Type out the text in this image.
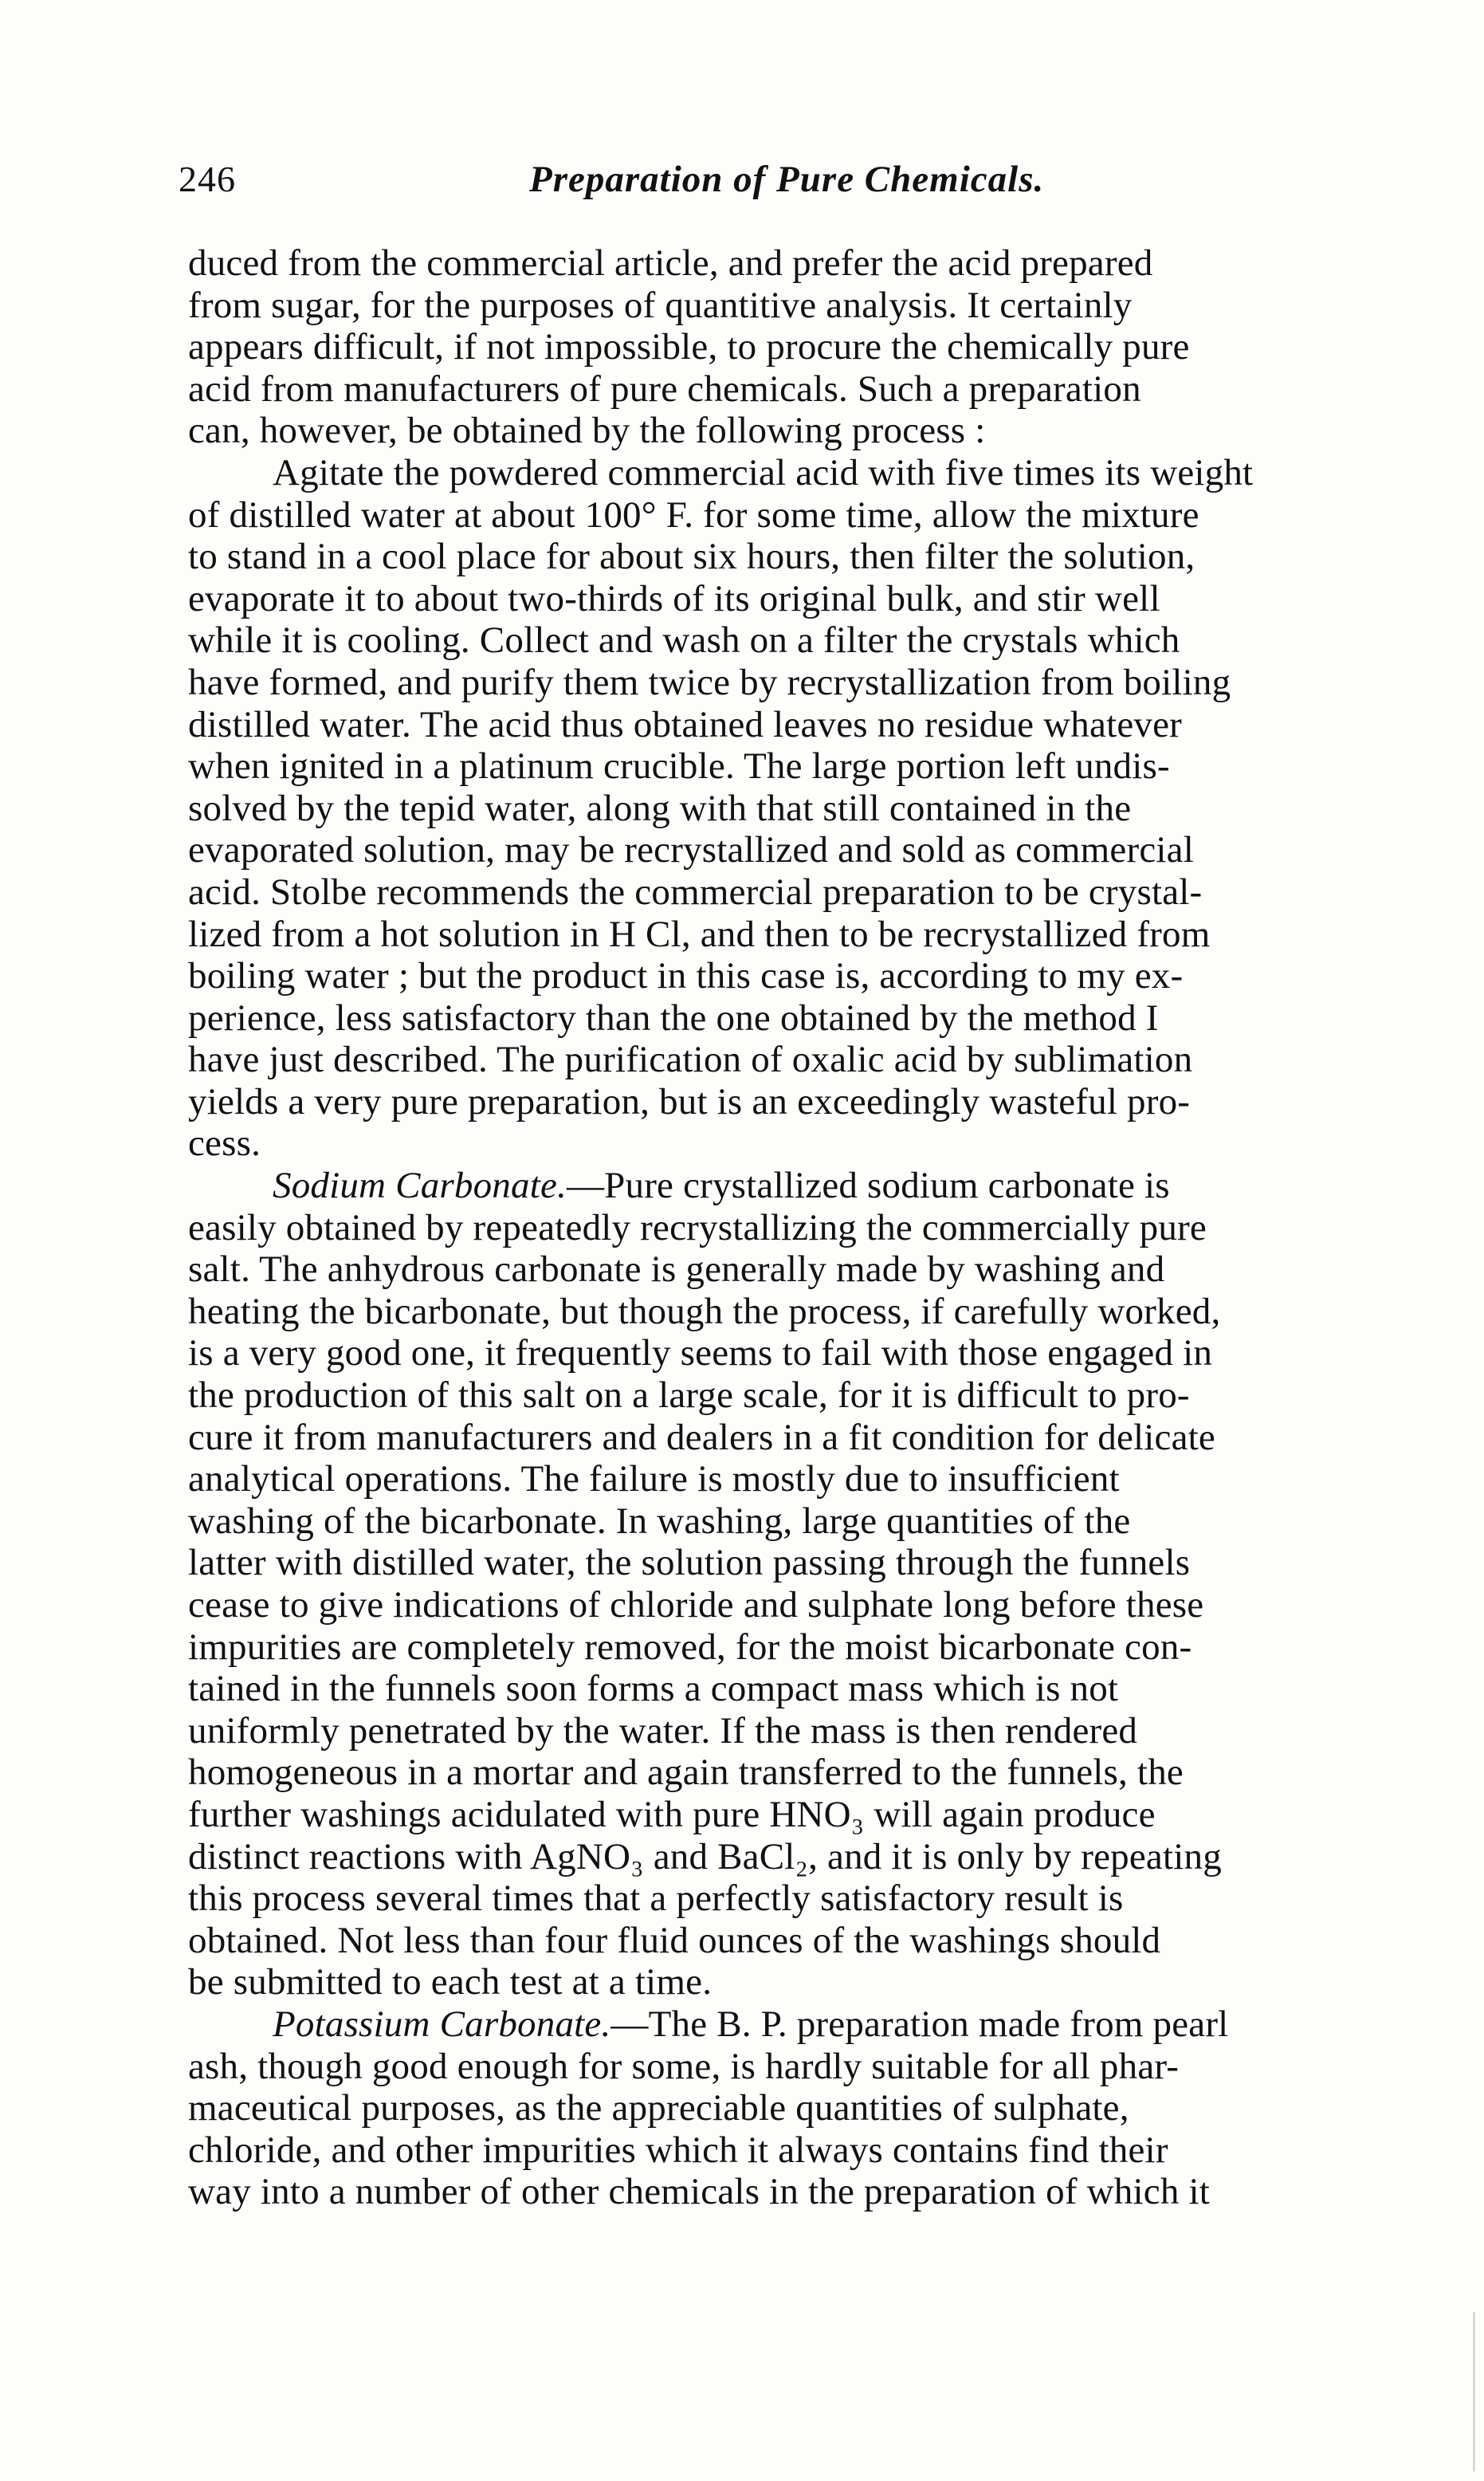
246	Preparation of Pure Chemicals.
duced from the commercial article, and prefer the acid prepared
from sugar, for the purposes of quantitive analysis. It certainly
appears difficult, if not impossible, to procure the chemically pure
acid from manufacturers of pure chemicals. Such a preparation
can, however, be obtained by the following process :
Agitate the powdered commercial acid with five times its weight
of distilled water at about 100° F. for some time, allow the mixture
to stand in a cool place for about six hours, then filter the solution,
evaporate it to about two-thirds of its original bulk, and stir well
while it is cooling. Collect and wash on a filter the crystals which
have formed, and purify them twice by recrystallization from boiling
distilled water. The acid thus obtained leaves no residue whatever
when ignited in a platinum crucible. The large portion left undis-
solved by the tepid water, along with that still contained in the
evaporated solution, may be recrystallized and sold as commercial
acid. Stolbe recommends the commercial preparation to be crystal-
lized from a hot solution in H Cl, and then to be recrystallized from
boiling water ; but the product in this case is, according to my ex-
perience, less satisfactory than the one obtained by the method I
have just described. The purification of oxalic acid by sublimation
yields a very pure preparation, but is an exceedingly wasteful pro-
cess.
Sodium Carbonate.—Pure crystallized sodium carbonate is
easily obtained by repeatedly recrystallizing the commercially pure
salt. The anhydrous carbonate is generally made by washing and
heating the bicarbonate, but though the process, if carefully worked,
is a very good one, it frequently seems to fail with those engaged in
the production of this salt on a large scale, for it is difficult to pro-
cure it from manufacturers and dealers in a fit condition for delicate
analytical operations. The failure is mostly due to insufficient
washing of the bicarbonate. In washing, large quantities of the
latter with distilled water, the solution passing through the funnels
cease to give indications of chloride and sulphate long before these
impurities are completely removed, for the moist bicarbonate con-
tained in the funnels soon forms a compact mass which is not
uniformly penetrated by the water. If the mass is then rendered
homogeneous in a mortar and again transferred to the funnels, the
further washings acidulated with pure HNO₃ will again produce
distinct reactions with AgNO₃ and BaCl₂, and it is only by repeating
this process several times that a perfectly satisfactory result is
obtained. Not less than four fluid ounces of the washings should
be submitted to each test at a time.
Potassium Carbonate.—The B. P. preparation made from pearl
ash, though good enough for some, is hardly suitable for all phar-
maceutical purposes, as the appreciable quantities of sulphate,
chloride, and other impurities which it always contains find their
way into a number of other chemicals in the preparation of which it
